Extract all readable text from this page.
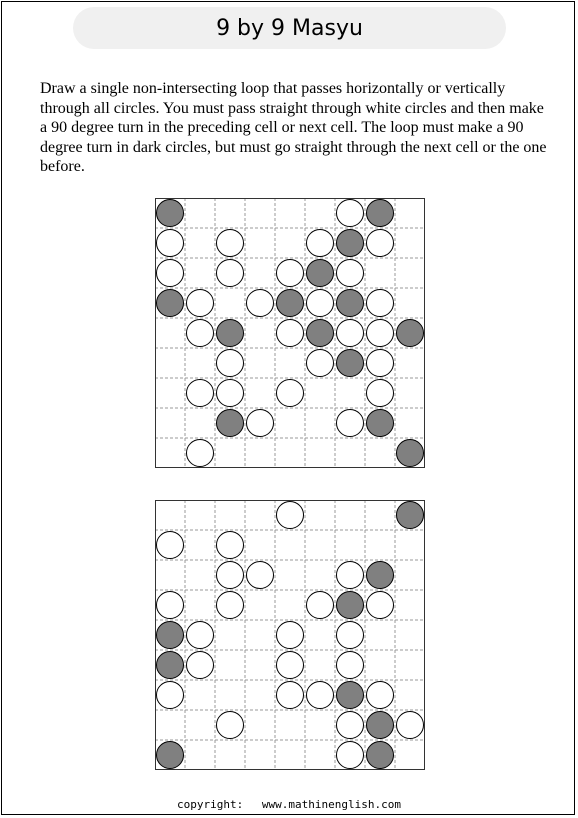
9 by 9 Masyu
Draw a single non-intersecting loop that passes horizontally or vertically through all circles. You must pass straight through white circles and then make a 90 degree turn in the preceding cell or next cell. The loop must make a 90 degree turn in dark circles, but must go straight through the next cell or the one before.
copyright: www.mathinenglish.com
